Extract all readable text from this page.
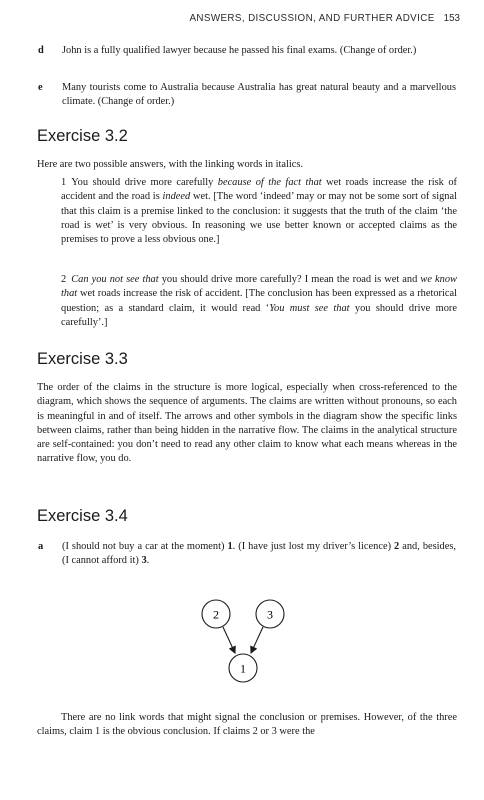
ANSWERS, DISCUSSION, AND FURTHER ADVICE 153
d	John is a fully qualified lawyer because he passed his final exams. (Change of order.)
e	Many tourists come to Australia because Australia has great natural beauty and a marvellous climate. (Change of order.)
Exercise 3.2
Here are two possible answers, with the linking words in italics.
1 You should drive more carefully because of the fact that wet roads increase the risk of accident and the road is indeed wet. [The word ‘indeed’ may or may not be some sort of signal that this claim is a premise linked to the conclusion: it suggests that the truth of the claim ‘the road is wet’ is very obvious. In reasoning we use better known or accepted claims as the premises to prove a less obvious one.]
2 Can you not see that you should drive more carefully? I mean the road is wet and we know that wet roads increase the risk of accident. [The conclusion has been expressed as a rhetorical question; as a standard claim, it would read ‘You must see that you should drive more carefully’.]
Exercise 3.3
The order of the claims in the structure is more logical, especially when cross-referenced to the diagram, which shows the sequence of arguments. The claims are written without pronouns, so each is meaningful in and of itself. The arrows and other symbols in the diagram show the specific links between claims, rather than being hidden in the narrative flow. The claims in the analytical structure are self-contained: you don’t need to read any other claim to know what each means whereas in the narrative flow, you do.
Exercise 3.4
a	(I should not buy a car at the moment) 1. (I have just lost my driver’s licence) 2 and, besides, (I cannot afford it) 3.
2	3
1
There are no link words that might signal the conclusion or premises. However, of the three claims, claim 1 is the obvious conclusion. If claims 2 or 3 were the
